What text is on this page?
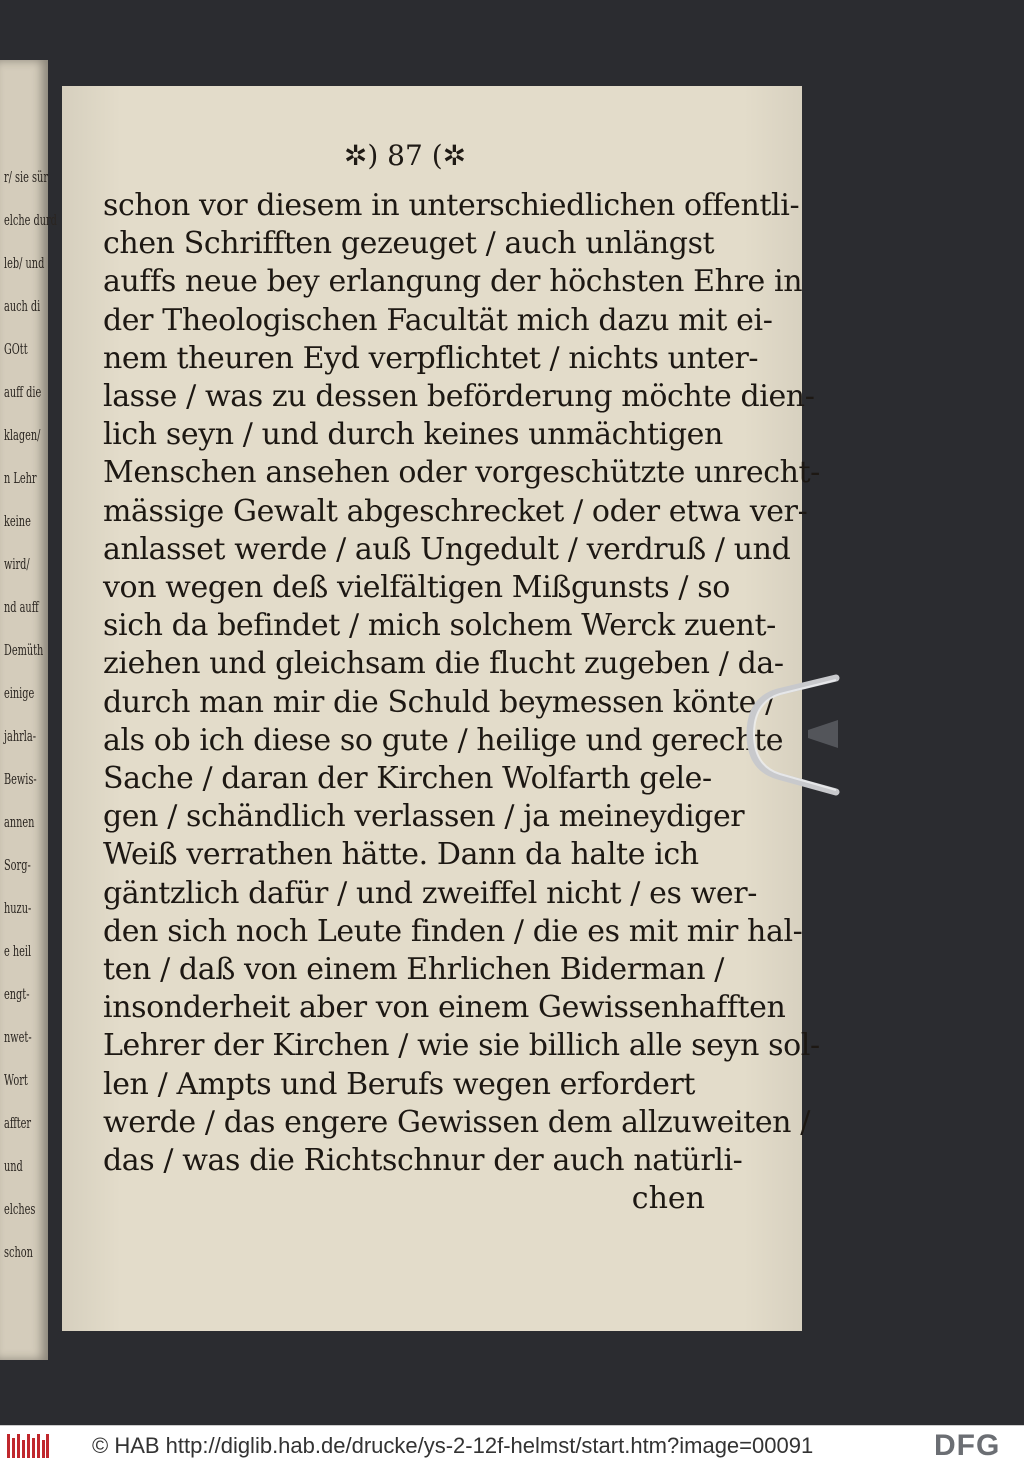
r/ sie sür
elche durd
leb/ und
auch di
GOtt
auff die
klagen/
n Lehr
keine
wird/
nd auff
Demüth
einige
jahrla-
Bewis-
annen
Sorg-
huzu-
e heil
engt-
nwet-
Wort
affter
und
elches
schon
✲) 87 (✲
schon vor diesem in unterschiedlichen offentli-
chen Schrifften gezeuget / auch unlängst
auffs neue bey erlangung der höchsten Ehre in
der Theologischen Facultät mich dazu mit ei-
nem theuren Eyd verpflichtet / nichts unter-
lasse / was zu dessen beförderung möchte dien-
lich seyn / und durch keines unmächtigen
Menschen ansehen oder vorgeschützte unrecht-
mässige Gewalt abgeschrecket / oder etwa ver-
anlasset werde / auß Ungedult / verdruß / und
von wegen deß vielfältigen Mißgunsts / so
sich da befindet / mich solchem Werck zuent-
ziehen und gleichsam die flucht zugeben / da-
durch man mir die Schuld beymessen könte /
als ob ich diese so gute / heilige und gerechte
Sache / daran der Kirchen Wolfarth gele-
gen / schändlich verlassen / ja meineydiger
Weiß verrathen hätte. Dann da halte ich
gäntzlich dafür / und zweiffel nicht / es wer-
den sich noch Leute finden / die es mit mir hal-
ten / daß von einem Ehrlichen Biderman /
insonderheit aber von einem Gewissenhafften
Lehrer der Kirchen / wie sie billich alle seyn sol-
len / Ampts und Berufs wegen erfordert
werde / das engere Gewissen dem allzuweiten /
das / was die Richtschnur der auch natürli-
chen
© HAB http://diglib.hab.de/drucke/ys-2-12f-helmst/start.htm?image=00091	DFG
